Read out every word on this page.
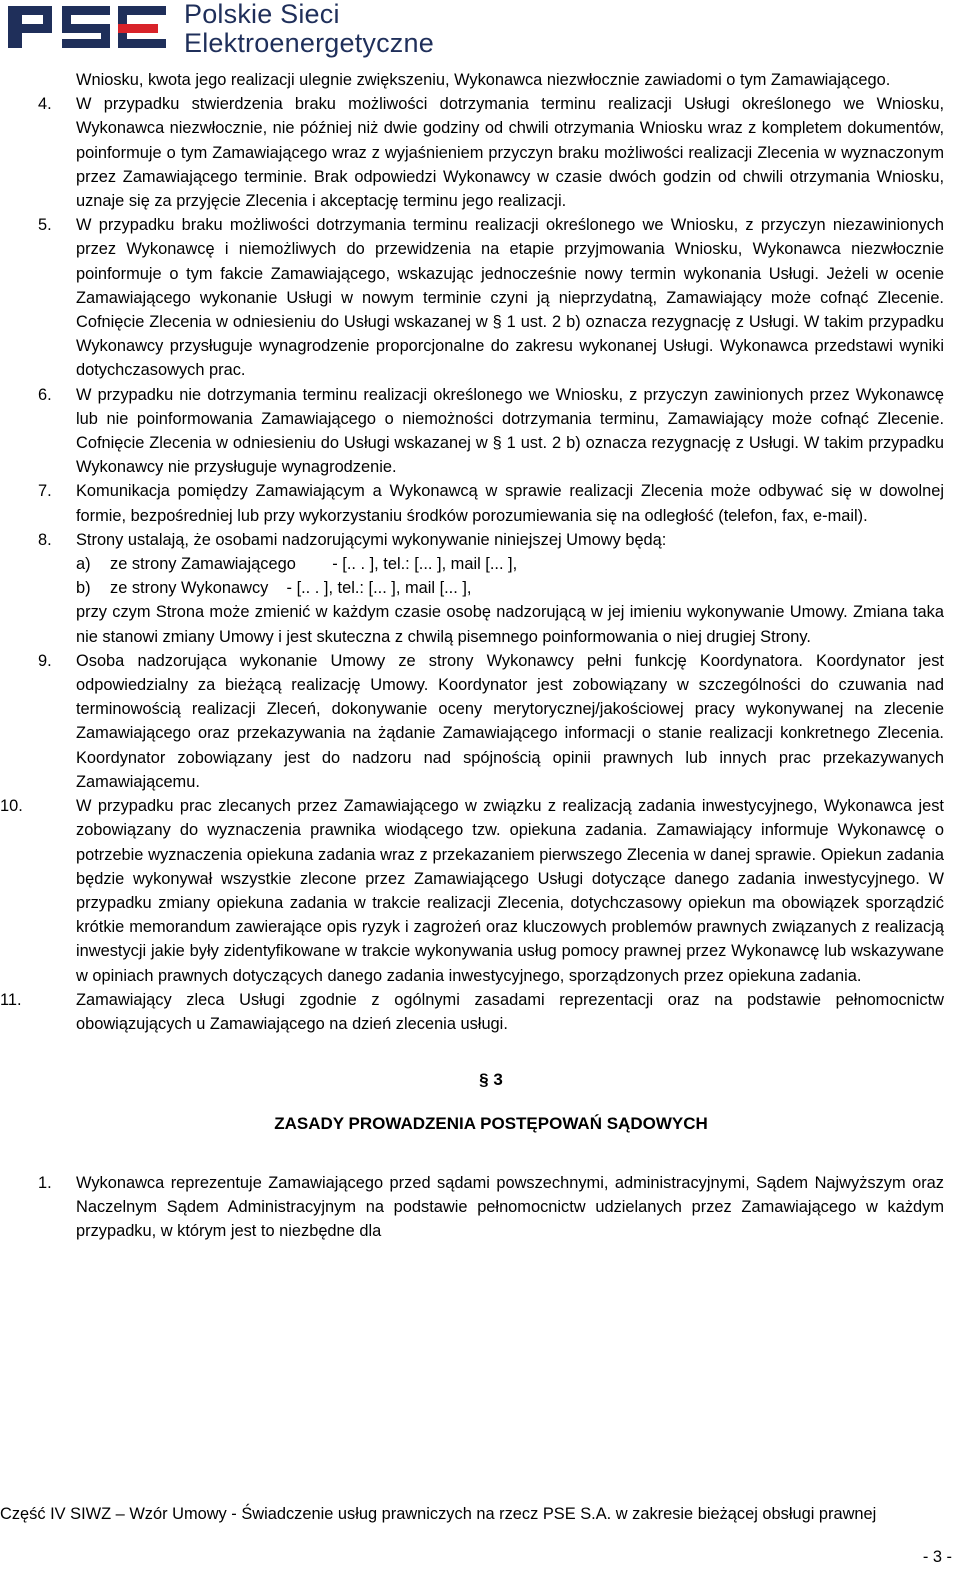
Polskie Sieci
Elektroenergetyczne
Wniosku, kwota jego realizacji ulegnie zwiększeniu, Wykonawca niezwłocznie zawiadomi o tym Zamawiającego.
4. W przypadku stwierdzenia braku możliwości dotrzymania terminu realizacji Usługi określonego we Wniosku, Wykonawca niezwłocznie, nie później niż dwie godziny od chwili otrzymania Wniosku wraz z kompletem dokumentów, poinformuje o tym Zamawiającego wraz z wyjaśnieniem przyczyn braku możliwości realizacji Zlecenia w wyznaczonym przez Zamawiającego terminie. Brak odpowiedzi Wykonawcy w czasie dwóch godzin od chwili otrzymania Wniosku, uznaje się za przyjęcie Zlecenia i akceptację terminu jego realizacji.
5. W przypadku braku możliwości dotrzymania terminu realizacji określonego we Wniosku, z przyczyn niezawinionych przez Wykonawcę i niemożliwych do przewidzenia na etapie przyjmowania Wniosku, Wykonawca niezwłocznie poinformuje o tym fakcie Zamawiającego, wskazując jednocześnie nowy termin wykonania Usługi. Jeżeli w ocenie Zamawiającego wykonanie Usługi w nowym terminie czyni ją nieprzydatną, Zamawiający może cofnąć Zlecenie. Cofnięcie Zlecenia w odniesieniu do Usługi wskazanej w § 1 ust. 2 b) oznacza rezygnację z Usługi. W takim przypadku Wykonawcy przysługuje wynagrodzenie proporcjonalne do zakresu wykonanej Usługi. Wykonawca przedstawi wyniki dotychczasowych prac.
6. W przypadku nie dotrzymania terminu realizacji określonego we Wniosku, z przyczyn zawinionych przez Wykonawcę lub nie poinformowania Zamawiającego o niemożności dotrzymania terminu, Zamawiający może cofnąć Zlecenie. Cofnięcie Zlecenia w odniesieniu do Usługi wskazanej w § 1 ust. 2 b) oznacza rezygnację z Usługi. W takim przypadku Wykonawcy nie przysługuje wynagrodzenie.
7. Komunikacja pomiędzy Zamawiającym a Wykonawcą w sprawie realizacji Zlecenia może odbywać się w dowolnej formie, bezpośredniej lub przy wykorzystaniu środków porozumiewania się na odległość (telefon, fax, e-mail).
8. Strony ustalają, że osobami nadzorującymi wykonywanie niniejszej Umowy będą:
a) ze strony Zamawiającego        - [.. . ], tel.: [... ], mail [... ],
b) ze strony Wykonawcy    - [.. . ], tel.: [... ], mail [... ],
przy czym Strona może zmienić w każdym czasie osobę nadzorującą w jej imieniu wykonywanie Umowy. Zmiana taka nie stanowi zmiany Umowy i jest skuteczna z chwilą pisemnego poinformowania o niej drugiej Strony.
9. Osoba nadzorująca wykonanie Umowy ze strony Wykonawcy pełni funkcję Koordynatora. Koordynator jest odpowiedzialny za bieżącą realizację Umowy. Koordynator jest zobowiązany w szczególności do czuwania nad terminowością realizacji Zleceń, dokonywanie oceny merytorycznej/jakościowej pracy wykonywanej na zlecenie Zamawiającego oraz przekazywania na żądanie Zamawiającego informacji o stanie realizacji konkretnego Zlecenia. Koordynator zobowiązany jest do nadzoru nad spójnością opinii prawnych lub innych prac przekazywanych Zamawiającemu.
10.	W przypadku prac zlecanych przez Zamawiającego w związku z realizacją zadania inwestycyjnego, Wykonawca jest zobowiązany do wyznaczenia prawnika wiodącego tzw. opiekuna zadania. Zamawiający informuje Wykonawcę o potrzebie wyznaczenia opiekuna zadania wraz z przekazaniem pierwszego Zlecenia w danej sprawie. Opiekun zadania będzie wykonywał wszystkie zlecone przez Zamawiającego Usługi dotyczące danego zadania inwestycyjnego. W przypadku zmiany opiekuna zadania w trakcie realizacji Zlecenia, dotychczasowy opiekun ma obowiązek sporządzić krótkie memorandum zawierające opis ryzyk i zagrożeń oraz kluczowych problemów prawnych związanych z realizacją inwestycji jakie były zidentyfikowane w trakcie wykonywania usług pomocy prawnej przez Wykonawcę lub wskazywane w opiniach prawnych dotyczących danego zadania inwestycyjnego, sporządzonych przez opiekuna zadania.
11.	Zamawiający zleca Usługi zgodnie z ogólnymi zasadami reprezentacji oraz na podstawie pełnomocnictw obowiązujących u Zamawiającego na dzień zlecenia usługi.
§ 3
ZASADY PROWADZENIA POSTĘPOWAŃ SĄDOWYCH
1. Wykonawca reprezentuje Zamawiającego przed sądami powszechnymi, administracyjnymi, Sądem Najwyższym oraz Naczelnym Sądem Administracyjnym na podstawie pełnomocnictw udzielanych przez Zamawiającego w każdym przypadku, w którym jest to niezbędne dla
Część IV SIWZ – Wzór Umowy - Świadczenie usług prawniczych na rzecz PSE S.A. w zakresie bieżącej obsługi prawnej
- 3 -
